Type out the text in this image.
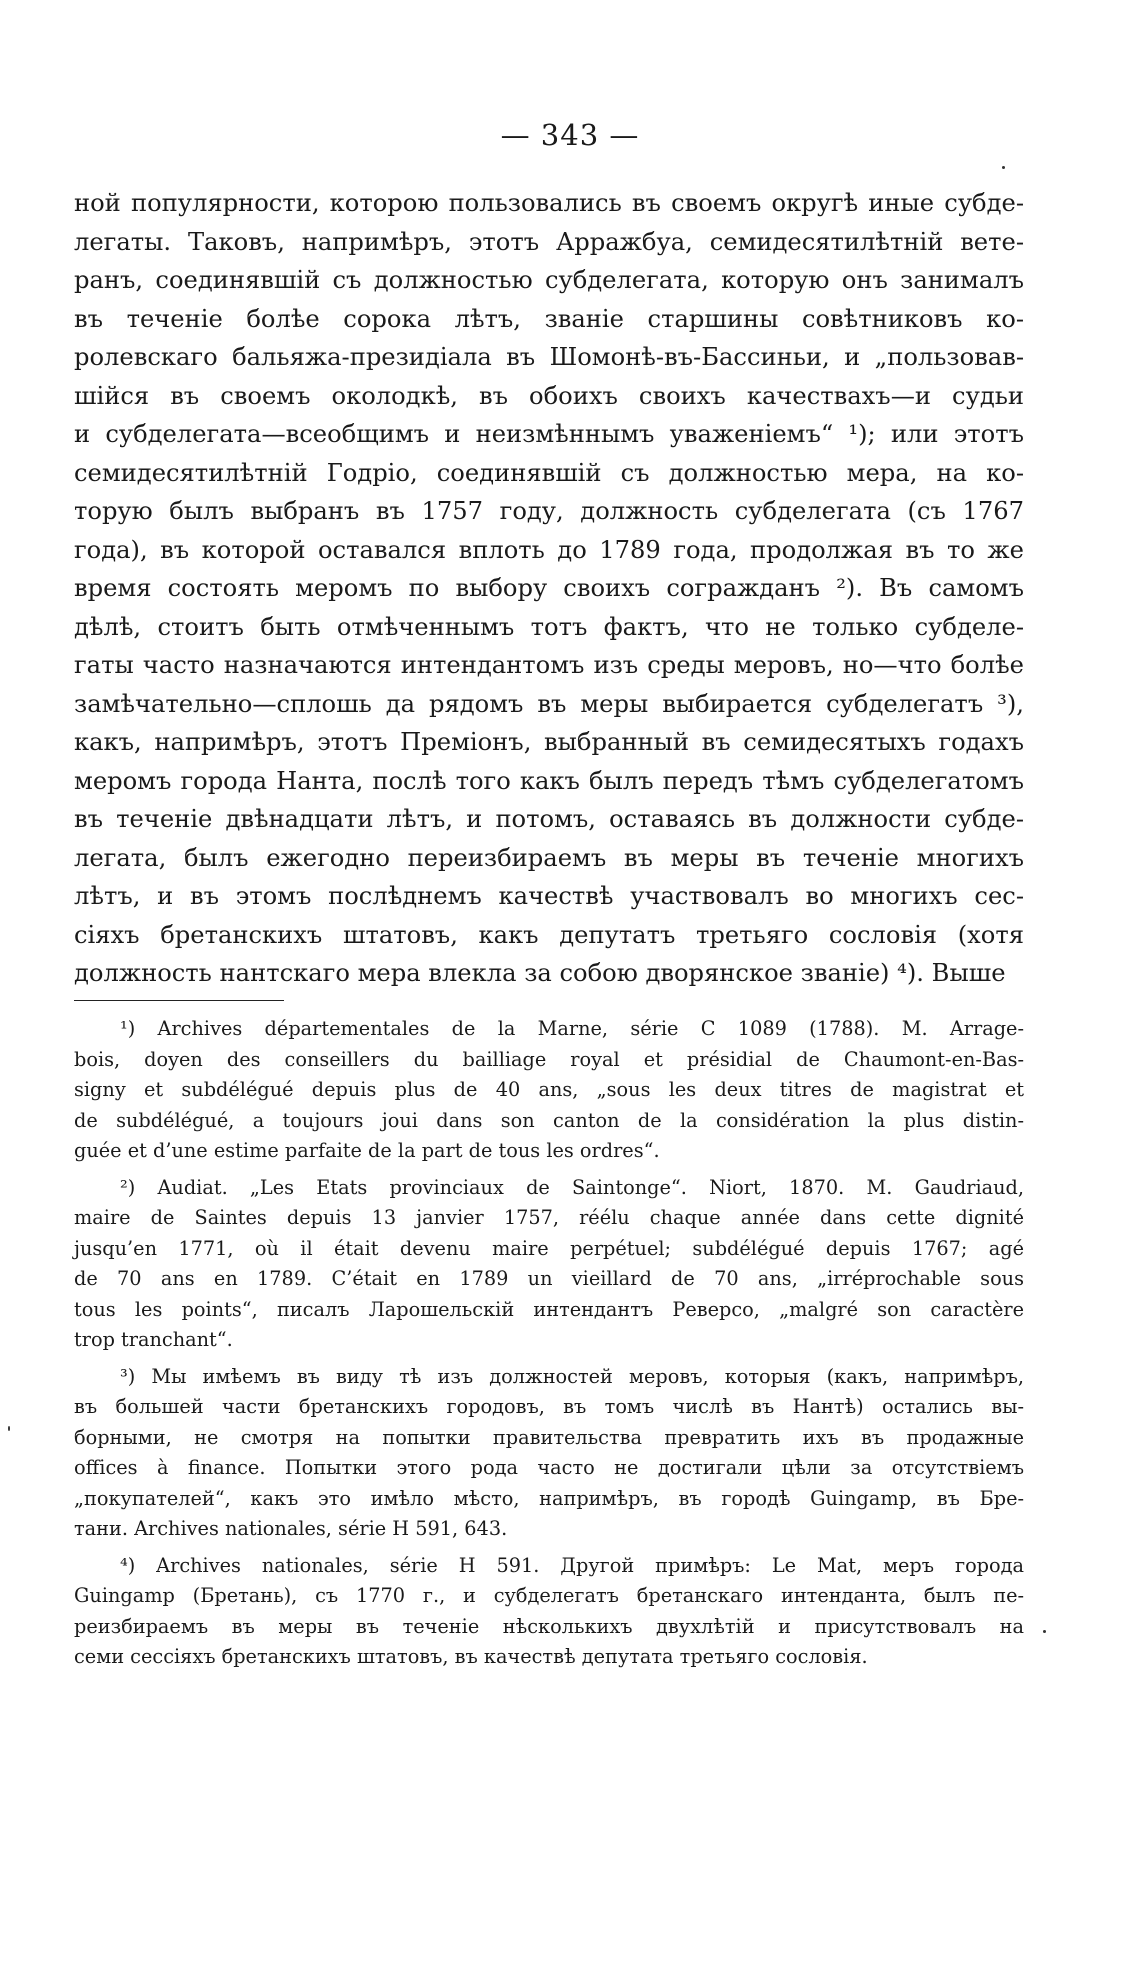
— 343 —
ной популярности, которою пользовались въ своемъ округѣ иные субде-
легаты. Таковъ, напримѣръ, этотъ Арражбуа, семидесятилѣтній вете-
ранъ, соединявшій съ должностью субделегата, которую онъ занималъ
въ теченіе болѣе сорока лѣтъ, званіе старшины совѣтниковъ ко-
ролевскаго бальяжа-президіала въ Шомонѣ-въ-Бассиньи, и „пользовав-
шійся въ своемъ околодкѣ, въ обоихъ своихъ качествахъ—и судьи
и субделегата—всеобщимъ и неизмѣннымъ уваженіемъ“ ¹); или этотъ
семидесятилѣтній Годріо, соединявшій съ должностью мера, на ко-
торую былъ выбранъ въ 1757 году, должность субделегата (съ 1767
года), въ которой оставался вплоть до 1789 года, продолжая въ то же
время состоять меромъ по выбору своихъ согражданъ ²). Въ самомъ
дѣлѣ, стоитъ быть отмѣченнымъ тотъ фактъ, что не только субделе-
гаты часто назначаются интендантомъ изъ среды меровъ, но—что болѣе
замѣчательно—сплошь да рядомъ въ меры выбирается субделегатъ ³),
какъ, напримѣръ, этотъ Преміонъ, выбранный въ семидесятыхъ годахъ
меромъ города Нанта, послѣ того какъ былъ передъ тѣмъ субделегатомъ
въ теченіе двѣнадцати лѣтъ, и потомъ, оставаясь въ должности субде-
легата, былъ ежегодно переизбираемъ въ меры въ теченіе многихъ
лѣтъ, и въ этомъ послѣднемъ качествѣ участвовалъ во многихъ сес-
сіяхъ бретанскихъ штатовъ, какъ депутатъ третьяго сословія (хотя
должность нантскаго мера влекла за собою дворянское званіе) ⁴). Выше
¹) Archives départementales de la Marne, série C 1089 (1788). M. Arrage-
bois, doyen des conseillers du bailliage royal et présidial de Chaumont-en-Bas-
signy et subdélégué depuis plus de 40 ans, „sous les deux titres de magistrat et
de subdélégué, a toujours joui dans son canton de la considération la plus distin-
guée et d’une estime parfaite de la part de tous les ordres“.
²) Audiat. „Les Etats provinciaux de Saintonge“. Niort, 1870. M. Gaudriaud,
maire de Saintes depuis 13 janvier 1757, réélu chaque année dans cette dignité
jusqu’en 1771, où il était devenu maire perpétuel; subdélégué depuis 1767; agé
de 70 ans en 1789. C’était en 1789 un vieillard de 70 ans, „irréprochable sous
tous les points“, писалъ Ларошельскій интендантъ Реверсо, „malgré son caractère
trop tranchant“.
³) Мы имѣемъ въ виду тѣ изъ должностей меровъ, которыя (какъ, напримѣръ,
въ большей части бретанскихъ городовъ, въ томъ числѣ въ Нантѣ) остались вы-
борными, не смотря на попытки правительства превратить ихъ въ продажные
offices à finance. Попытки этого рода часто не достигали цѣли за отсутствіемъ
„покупателей“, какъ это имѣло мѣсто, напримѣръ, въ городѣ Guingamp, въ Бре-
тани. Archives nationales, série H 591, 643.
⁴) Archives nationales, série H 591. Другой примѣръ: Le Mat, меръ города
Guingamp (Бретань), съ 1770 г., и субделегатъ бретанскаго интенданта, былъ пе-
реизбираемъ въ меры въ теченіе нѣсколькихъ двухлѣтій и присутствовалъ на
семи сессіяхъ бретанскихъ штатовъ, въ качествѣ депутата третьяго сословія.
